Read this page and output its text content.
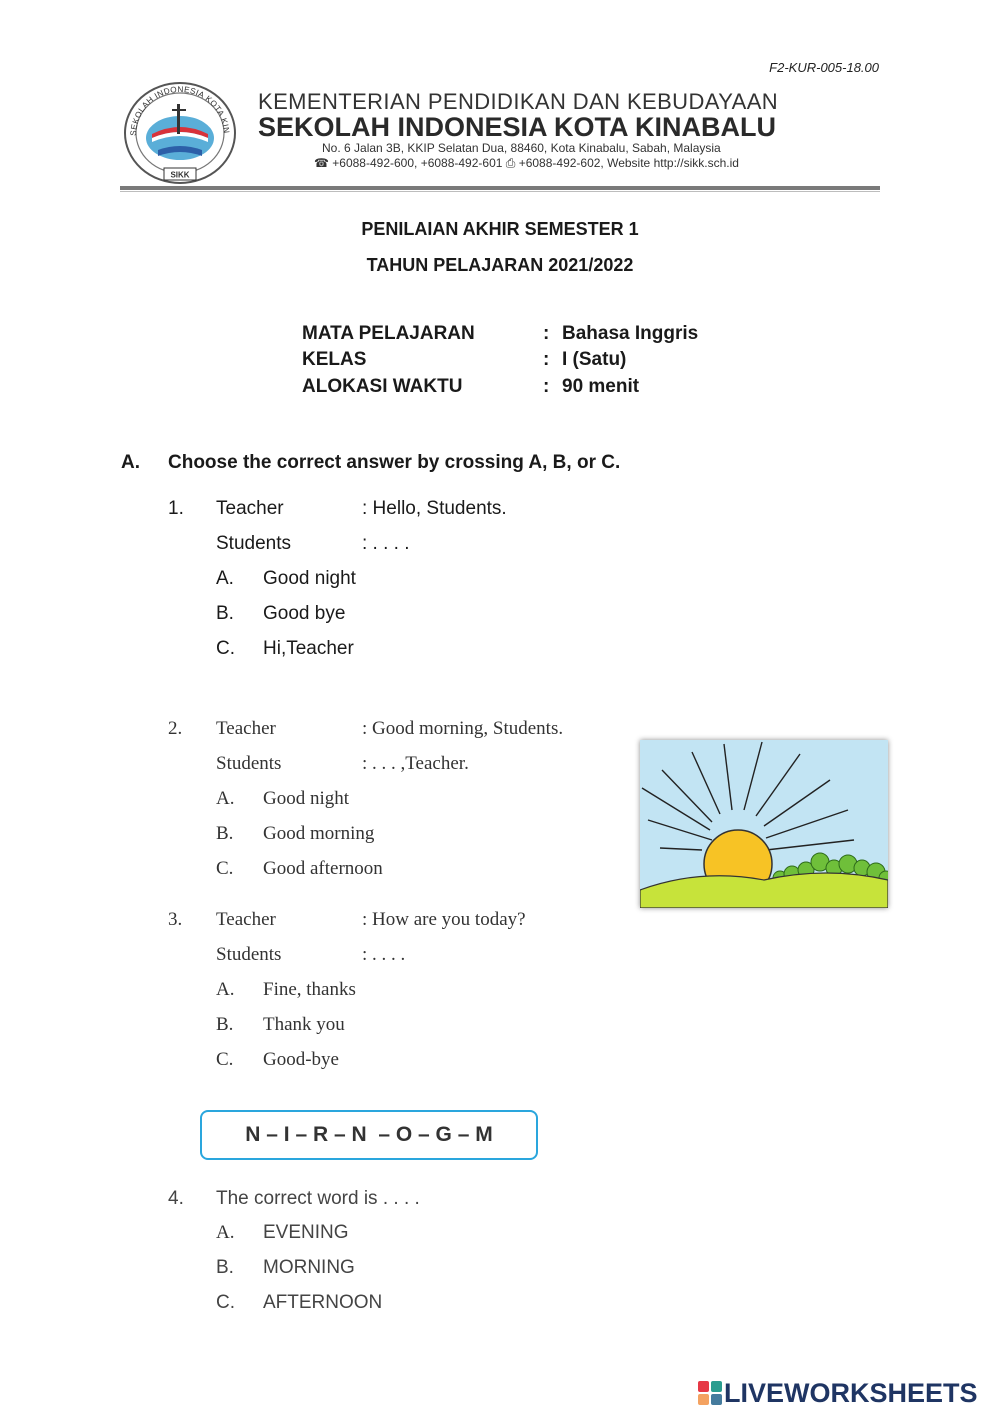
F2-KUR-005-18.00
SEKOLAH INDONESIA KOTA KIN
SIKK
KEMENTERIAN PENDIDIKAN DAN KEBUDAYAAN
SEKOLAH INDONESIA KOTA KINABALU
No. 6 Jalan 3B, KKIP Selatan Dua, 88460, Kota Kinabalu, Sabah, Malaysia
☎ +6088-492-600, +6088-492-601 ⎙ +6088-492-602, Website http://sikk.sch.id
PENILAIAN AKHIR SEMESTER 1
TAHUN PELAJARAN 2021/2022
MATA PELAJARAN	: Bahasa Inggris
KELAS	: I (Satu)
ALOKASI WAKTU	: 90 menit
A. Choose the correct answer by crossing A, B, or C.
1. Teacher	: Hello, Students.
Students	: . . . .
A. Good night
B. Good bye
C. Hi,Teacher
2. Teacher	: Good morning, Students.
Students	: . . . ,Teacher.
A. Good night
B. Good morning
C. Good afternoon
3. Teacher	: How are you today?
Students	: . . . .
A. Fine, thanks
B. Thank you
C. Good-bye
N – I – R – N  – O – G – M
4. The correct word is . . . .
A. EVENING
B. MORNING
C. AFTERNOON
LIVEWORKSHEETS
